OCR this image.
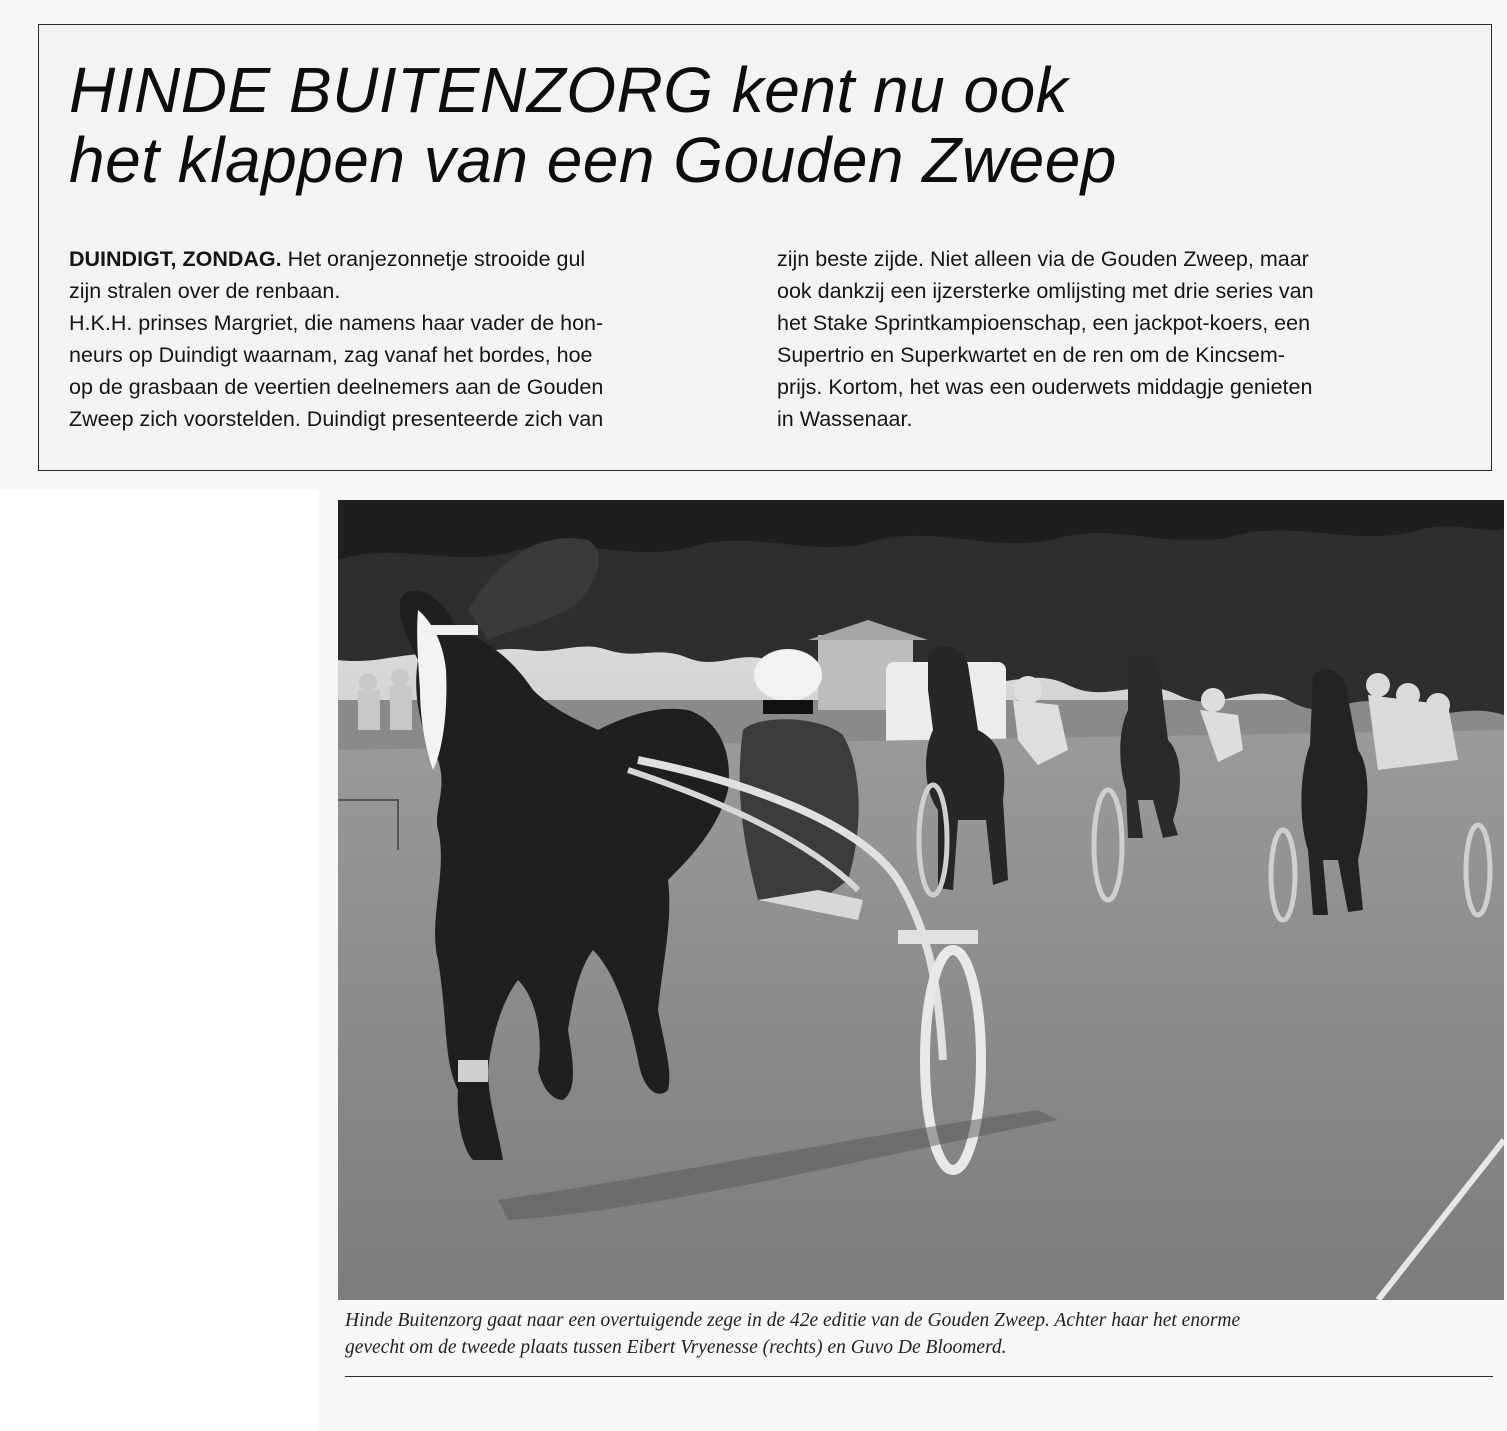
HINDE BUITENZORG kent nu ook
het klappen van een Gouden Zweep

DUINDIGT, ZONDAG. Het oranjezonnetje strooide gul
zijn stralen over de renbaan.
H.K.H. prinses Margriet, die namens haar vader de hon-
neurs op Duindigt waarnam, zag vanaf het bordes, hoe
op de grasbaan de veertien deelnemers aan de Gouden
Zweep zich voorstelden. Duindigt presenteerde zich van

zijn beste zijde. Niet alleen via de Gouden Zweep, maar
ook dankzij een ijzersterke omlijsting met drie series van
het Stake Sprintkampioenschap, een jackpot-koers, een
Supertrio en Superkwartet en de ren om de Kincsem-
prijs. Kortom, het was een ouderwets middagje genieten
in Wassenaar.

Hinde Buitenzorg gaat naar een overtuigende zege in de 42e editie van de Gouden Zweep. Achter haar het enorme
gevecht om de tweede plaats tussen Eibert Vryenesse (rechts) en Guvo De Bloomerd.
